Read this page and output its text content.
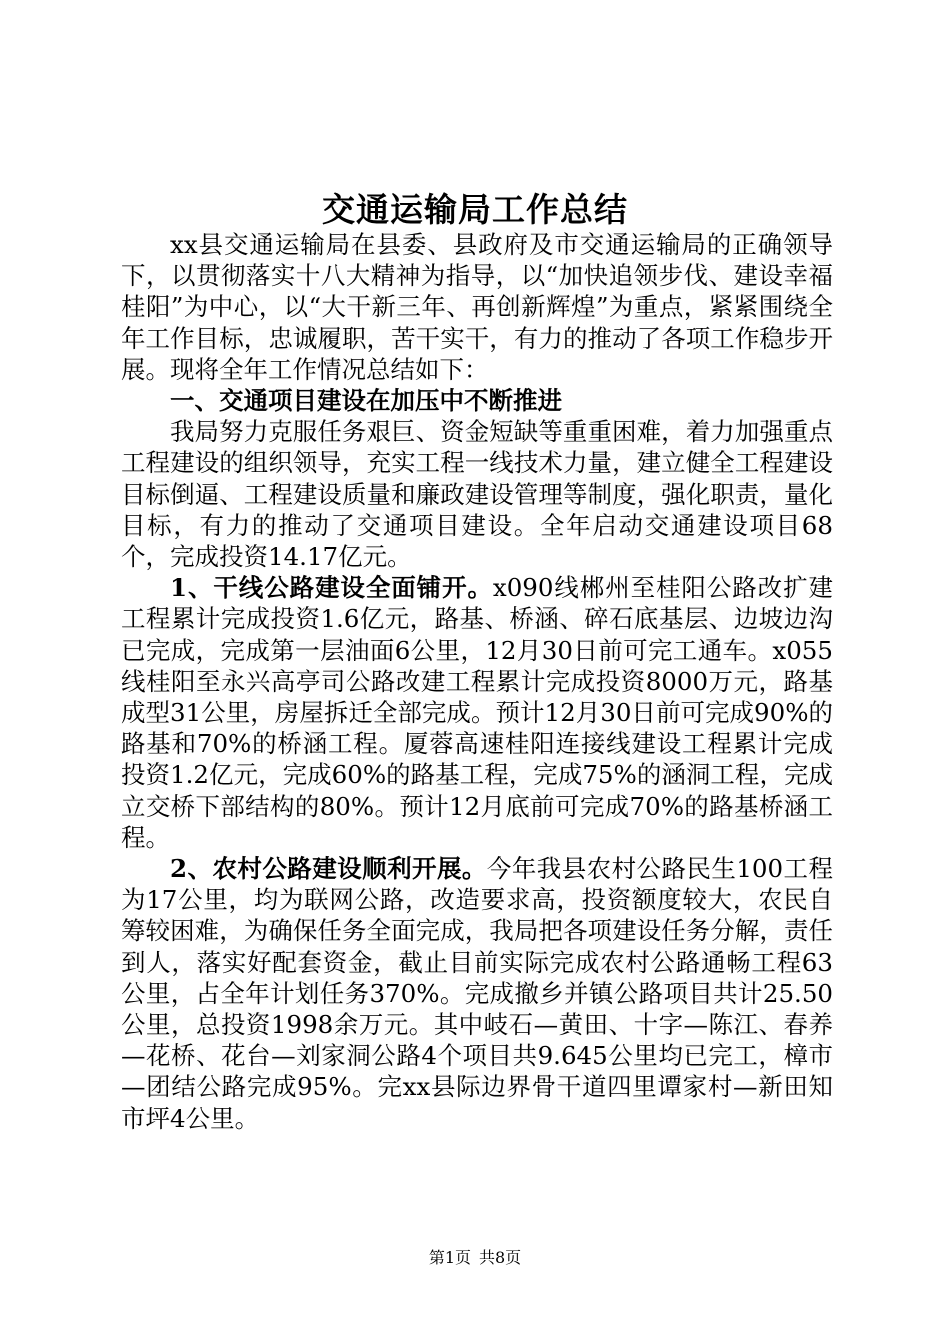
交通运输局工作总结

xx县交通运输局在县委、县政府及市交通运输局的正确领导下，以贯彻落实十八大精神为指导，以“加快追领步伐、建设幸福桂阳”为中心，以“大干新三年、再创新辉煌”为重点，紧紧围绕全年工作目标，忠诚履职，苦干实干，有力的推动了各项工作稳步开展。现将全年工作情况总结如下：

一、交通项目建设在加压中不断推进

我局努力克服任务艰巨、资金短缺等重重困难，着力加强重点工程建设的组织领导，充实工程一线技术力量，建立健全工程建设目标倒逼、工程建设质量和廉政建设管理等制度，强化职责，量化目标，有力的推动了交通项目建设。全年启动交通建设项目68个，完成投资14.17亿元。

1、干线公路建设全面铺开。x090线郴州至桂阳公路改扩建工程累计完成投资1.6亿元，路基、桥涵、碎石底基层、边坡边沟已完成，完成第一层油面6公里，12月30日前可完工通车。x055线桂阳至永兴高亭司公路改建工程累计完成投资8000万元，路基成型31公里，房屋拆迁全部完成。预计12月30日前可完成90%的路基和70%的桥涵工程。厦蓉高速桂阳连接线建设工程累计完成投资1.2亿元，完成60%的路基工程，完成75%的涵洞工程，完成立交桥下部结构的80%。预计12月底前可完成70%的路基桥涵工程。

2、农村公路建设顺利开展。今年我县农村公路民生100工程为17公里，均为联网公路，改造要求高，投资额度较大，农民自筹较困难，为确保任务全面完成，我局把各项建设任务分解，责任到人，落实好配套资金，截止目前实际完成农村公路通畅工程63公里，占全年计划任务370%。完成撤乡并镇公路项目共计25.50公里，总投资1998余万元。其中岐石—黄田、十字—陈江、春养—花桥、花台—刘家洞公路4个项目共9.645公里均已完工，樟市—团结公路完成95%。完xx县际边界骨干道四里谭家村—新田知市坪4公里。

第1页 共8页
